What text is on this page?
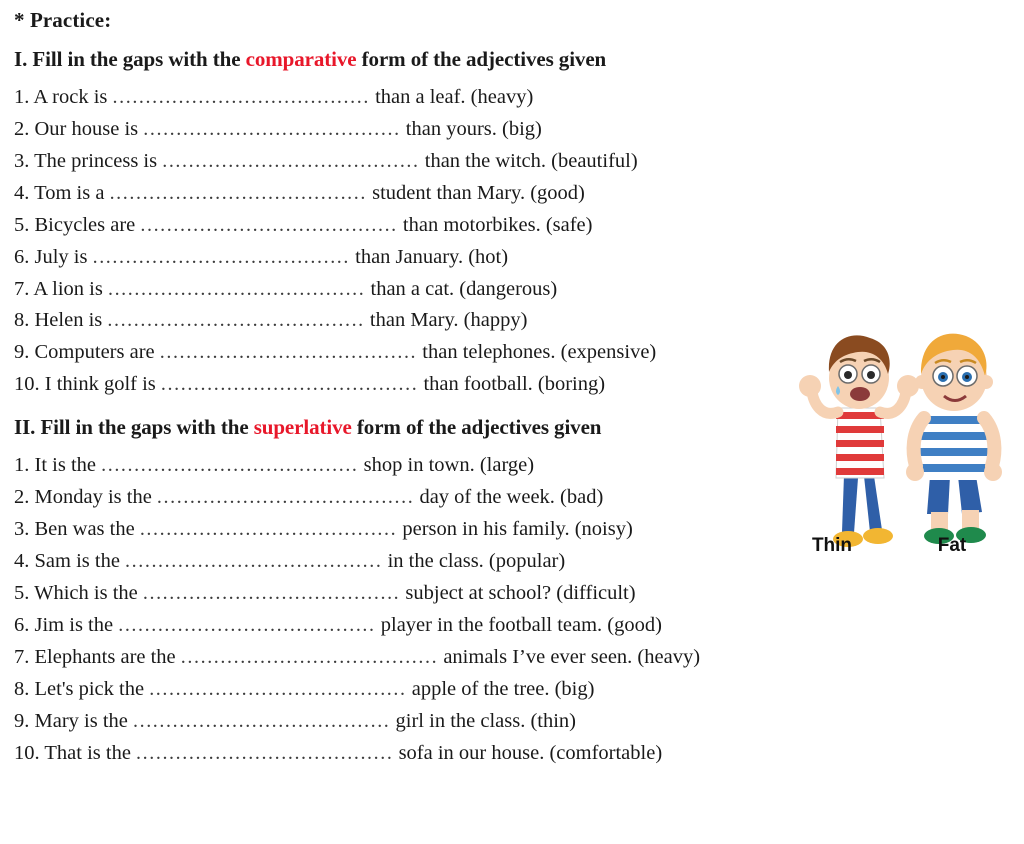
* Practice:
I. Fill in the gaps with the comparative form of the adjectives given
1. A rock is ....................................... than a leaf. (heavy)
2. Our house is ....................................... than yours. (big)
3. The princess is ....................................... than the witch. (beautiful)
4. Tom is a ....................................... student than Mary. (good)
5. Bicycles are ....................................... than motorbikes. (safe)
6. July is ....................................... than January. (hot)
7. A lion is ....................................... than a cat. (dangerous)
8. Helen is ....................................... than Mary. (happy)
9. Computers are ....................................... than telephones. (expensive)
10. I think golf is ....................................... than football. (boring)
II. Fill in the gaps with the superlative form of the adjectives given
1. It is the ....................................... shop in town. (large)
2. Monday is the ....................................... day of the week. (bad)
3. Ben was the ....................................... person in his family. (noisy)
4. Sam is the ....................................... in the class. (popular)
5. Which is the ....................................... subject at school? (difficult)
6. Jim is the ....................................... player in the football team. (good)
7. Elephants are the ....................................... animals I’ve ever seen. (heavy)
8. Let's pick the ....................................... apple of the tree. (big)
9. Mary is the ....................................... girl in the class. (thin)
10. That is the ....................................... sofa in our house. (comfortable)
Thin	Fat
